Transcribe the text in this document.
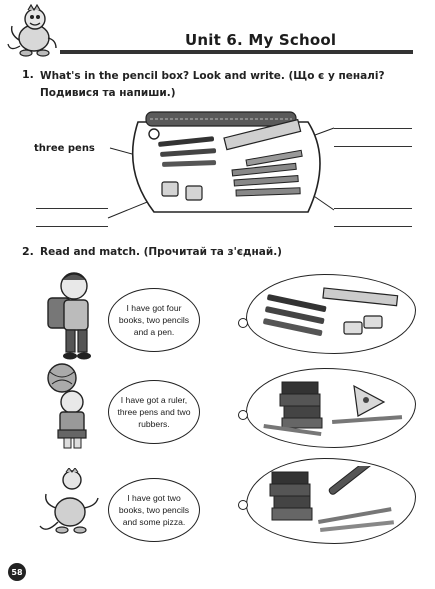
Unit 6. My School
1. What's in the pencil box? Look and write. (Що є у пеналі?
Подивися та напиши.)
three pens
2. Read and match. (Прочитай та з'єднай.)
I have got four
books, two pencils
and a pen.
I have got a ruler,
three pens and two
rubbers.
I have got two
books, two pencils
and some pizza.
58
